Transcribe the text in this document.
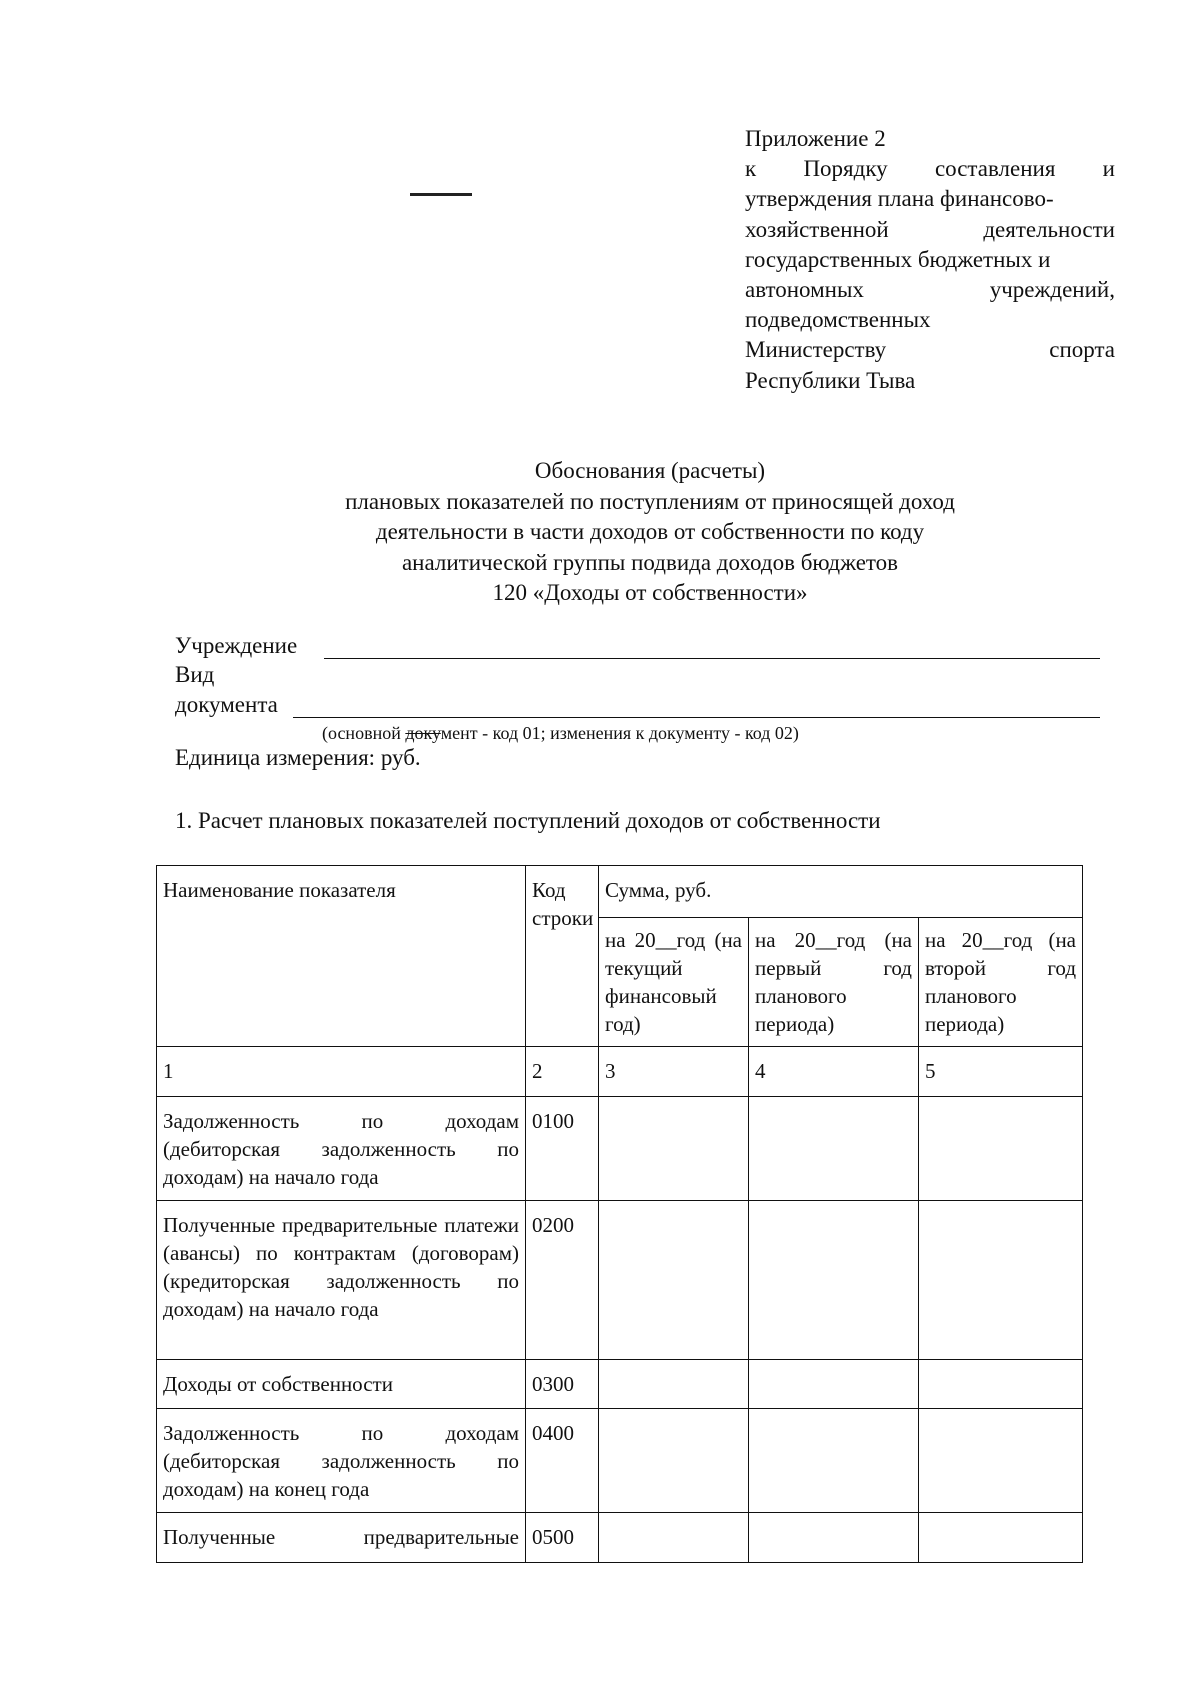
Приложение 2
к Порядку составления и
утверждения плана финансово-
хозяйственной	деятельности
государственных бюджетных и
автономных	учреждений,
подведомственных
Министерству	спорта
Республики Тыва
Обоснования (расчеты)
плановых показателей по поступлениям от приносящей доход
деятельности в части доходов от собственности по коду
аналитической группы подвида доходов бюджетов
120 «Доходы от собственности»
Учреждение
Вид
документа
(основной документ - код 01; изменения к документу - код 02)
Единица измерения: руб.
1. Расчет плановых показателей поступлений доходов от собственности
Наименование показателя	Код строки	Сумма, руб.		
		на 20__год (на текущий финансовый год)	на 20__год (на первый год планового периода)	на 20__год (на второй год планового периода)
1	2	3	4	5
Задолженность по доходам (дебиторская задолженность по доходам) на начало года	0100			
Полученные предварительные платежи (авансы) по контрактам (договорам) (кредиторская задолженность по доходам) на начало года	0200			
Доходы от собственности	0300			
Задолженность по доходам (дебиторская задолженность по доходам) на конец года	0400			
Полученные предварительные	0500			
